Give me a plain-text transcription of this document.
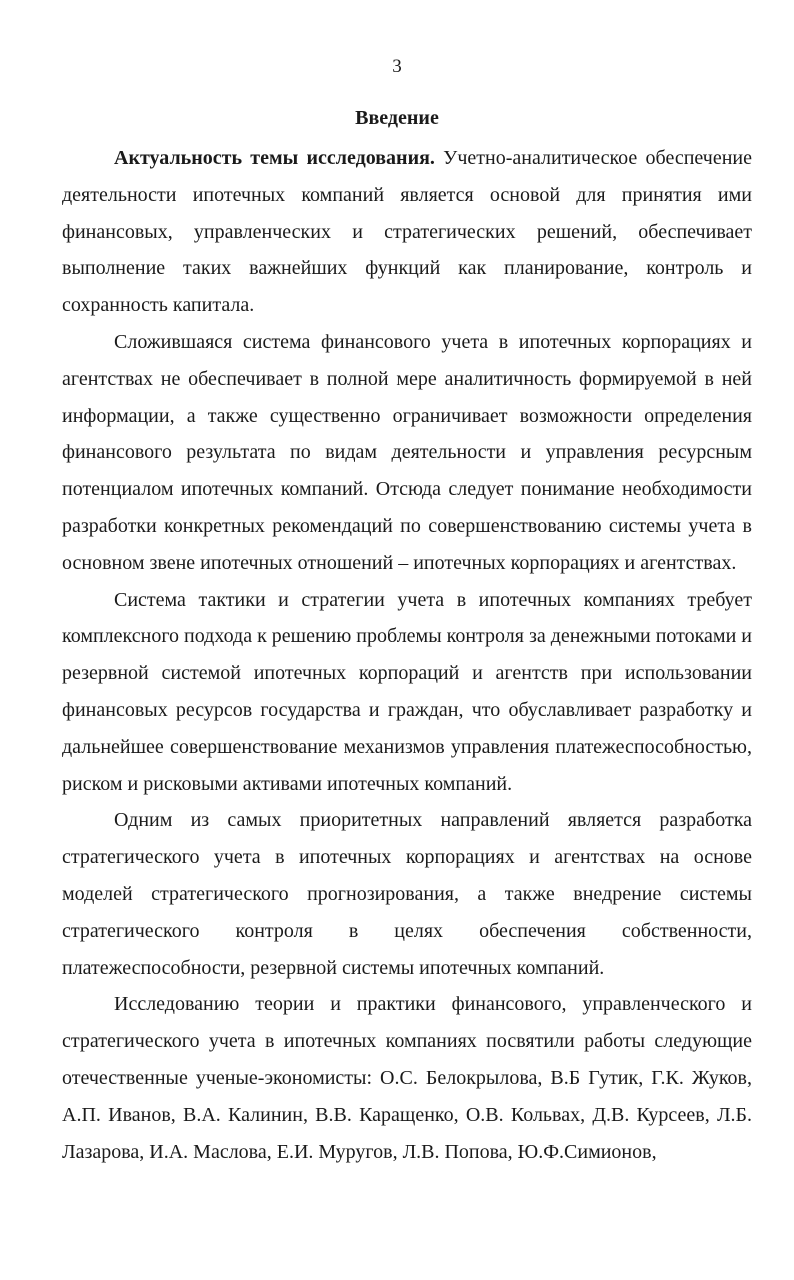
3
Введение

Актуальность темы исследования. Учетно-аналитическое обеспечение деятельности ипотечных компаний является основой для принятия ими финансовых, управленческих и стратегических решений, обеспечивает выполнение таких важнейших функций как планирование, контроль и сохранность капитала.

Сложившаяся система финансового учета в ипотечных корпорациях и агентствах не обеспечивает в полной мере аналитичность формируемой в ней информации, а также существенно ограничивает возможности определения финансового результата по видам деятельности и управления ресурсным потенциалом ипотечных компаний. Отсюда следует понимание необходимости разработки конкретных рекомендаций по совершенствованию системы учета в основном звене ипотечных отношений – ипотечных корпорациях и агентствах.

Система тактики и стратегии учета в ипотечных компаниях требует комплексного подхода к решению проблемы контроля за денежными потоками и резервной системой ипотечных корпораций и агентств при использовании финансовых ресурсов государства и граждан, что обуславливает разработку и дальнейшее совершенствование механизмов управления платежеспособностью, риском и рисковыми активами ипотечных компаний.

Одним из самых приоритетных направлений является разработка стратегического учета в ипотечных корпорациях и агентствах на основе моделей стратегического прогнозирования, а также внедрение системы стратегического контроля в целях обеспечения собственности, платежеспособности, резервной системы ипотечных компаний.

Исследованию теории и практики финансового, управленческого и стратегического учета в ипотечных компаниях посвятили работы следующие отечественные ученые-экономисты: О.С. Белокрылова, В.Б Гутик, Г.К. Жуков, А.П. Иванов, В.А. Калинин, В.В. Каращенко, О.В. Кольвах, Д.В. Курсеев, Л.Б. Лазарова, И.А. Маслова, Е.И. Муругов, Л.В. Попова, Ю.Ф.Симионов,
